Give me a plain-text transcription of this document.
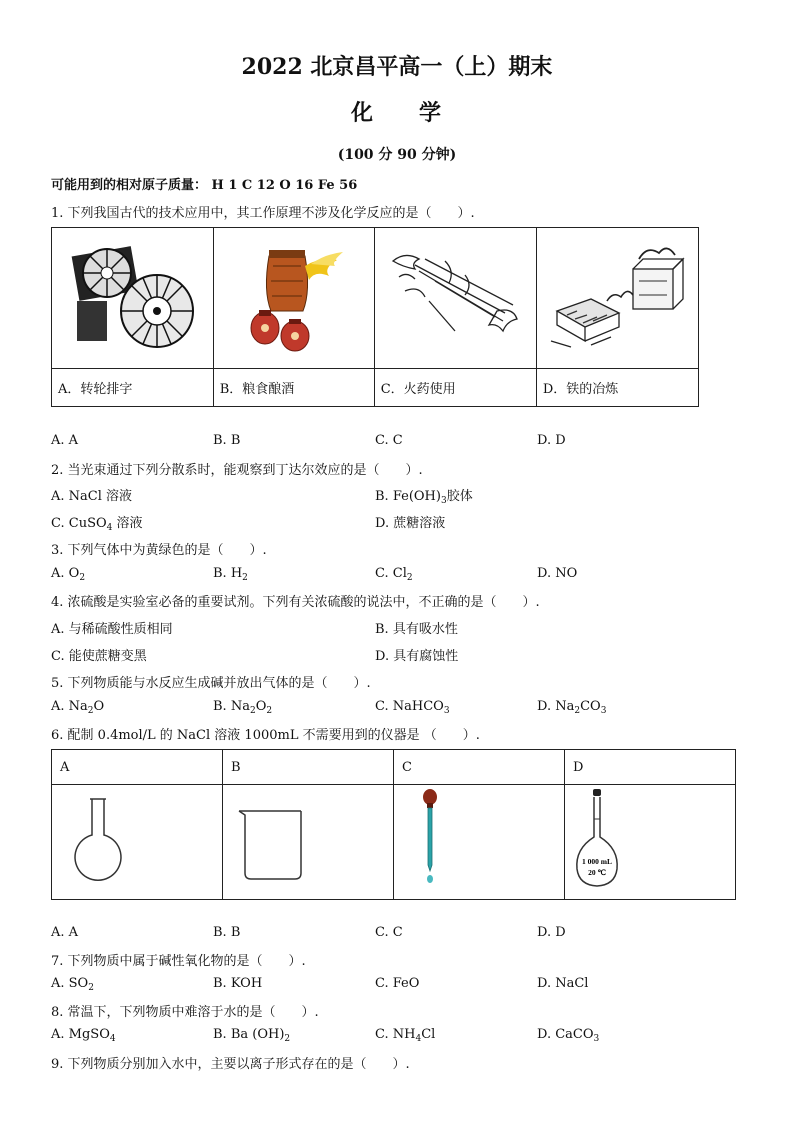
2022 北京昌平高一（上）期末
化 学
(100 分 90 分钟)
可能用到的相对原子质量： H 1 C 12 O 16 Fe 56
1. 下列我国古代的技术应用中，其工作原理不涉及化学反应的是（　　）.

A．转轮排字	B．粮食酿酒	C．火药使用	D．铁的冶炼
A. A	B. B	C. C	D. D
2. 当光束通过下列分散系时，能观察到丁达尔效应的是（　　）.
A. NaCl 溶液	B. $Fe(OH)_3$胶体
C. CuSO$_4$ 溶液	D. 蔗糖溶液
3. 下列气体中为黄绿色的是（　　）.
A. $O_2$	B. $H_2$	C. $Cl_2$	D. NO
4. 浓硫酸是实验室必备的重要试剂。下列有关浓硫酸的说法中，不正确的是（　　）.
A. 与稀硫酸性质相同	B. 具有吸水性
C. 能使蔗糖变黑	D. 具有腐蚀性
5. 下列物质能与水反应生成碱并放出气体的是（　　）.
A. $Na_2O$	B. $Na_2O_2$	C. NaHCO$_3$	D. $Na_2CO_3$
6. 配制 0.4mol/L 的 NaCl 溶液 1000mL 不需要用到的仪器是 （　　）.
A	B	C	D

1 000 mL
20 ℃
A. A	B. B	C. C	D. D
7. 下列物质中属于碱性氧化物的是（　　）.
A. $SO_2$	B. KOH	C. FeO	D. NaCl
8. 常温下，下列物质中难溶于水的是（　　）.
A. MgSO$_4$	B. Ba $(OH)_2$	C. $NH_4Cl$	D. CaCO$_3$
9. 下列物质分别加入水中，主要以离子形式存在的是（　　）.
